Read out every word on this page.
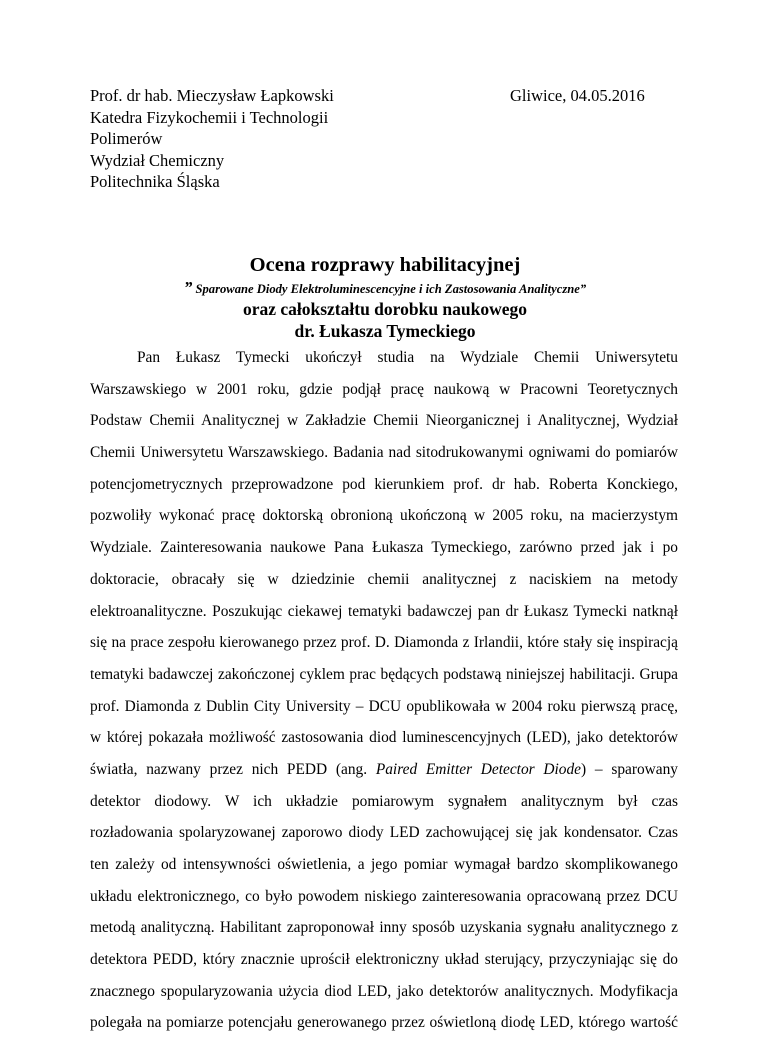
Prof. dr hab. Mieczysław Łapkowski
Katedra Fizykochemii i Technologii
Polimerów
Wydział Chemiczny
Politechnika Śląska
Gliwice, 04.05.2016
Ocena rozprawy habilitacyjnej
” Sparowane Diody Elektroluminescencyjne i ich Zastosowania Analityczne”
oraz całokształtu dorobku naukowego
dr. Łukasza Tymeckiego
Pan Łukasz Tymecki ukończył studia na Wydziale Chemii Uniwersytetu
Warszawskiego w 2001 roku, gdzie podjął pracę naukową w Pracowni Teoretycznych
Podstaw Chemii Analitycznej w Zakładzie Chemii Nieorganicznej i Analitycznej, Wydział
Chemii Uniwersytetu Warszawskiego. Badania nad sitodrukowanymi ogniwami do pomiarów
potencjometrycznych przeprowadzone pod kierunkiem prof. dr hab. Roberta Konckiego,
pozwoliły wykonać pracę doktorską obronioną ukończoną w 2005 roku, na macierzystym
Wydziale. Zainteresowania naukowe Pana Łukasza Tymeckiego, zarówno przed jak i po
doktoracie, obracały się w dziedzinie chemii analitycznej z naciskiem na metody
elektroanalityczne. Poszukując ciekawej tematyki badawczej pan dr Łukasz Tymecki natknął
się na prace zespołu kierowanego przez prof. D. Diamonda z Irlandii, które stały się inspiracją
tematyki badawczej zakończonej cyklem prac będących podstawą niniejszej habilitacji. Grupa
prof. Diamonda z Dublin City University – DCU opublikowała w 2004 roku pierwszą pracę,
w której pokazała możliwość zastosowania diod luminescencyjnych (LED), jako detektorów
światła, nazwany przez nich PEDD (ang. Paired Emitter Detector Diode) – sparowany
detektor diodowy. W ich układzie pomiarowym sygnałem analitycznym był czas
rozładowania spolaryzowanej zaporowo diody LED zachowującej się jak kondensator. Czas
ten zależy od intensywności oświetlenia, a jego pomiar wymagał bardzo skomplikowanego
układu elektronicznego, co było powodem niskiego zainteresowania opracowaną przez DCU
metodą analityczną. Habilitant zaproponował inny sposób uzyskania sygnału analitycznego z
detektora PEDD, który znacznie uprościł elektroniczny układ sterujący, przyczyniając się do
znacznego spopularyzowania użycia diod LED, jako detektorów analitycznych. Modyfikacja
polegała na pomiarze potencjału generowanego przez oświetloną diodę LED, którego wartość
